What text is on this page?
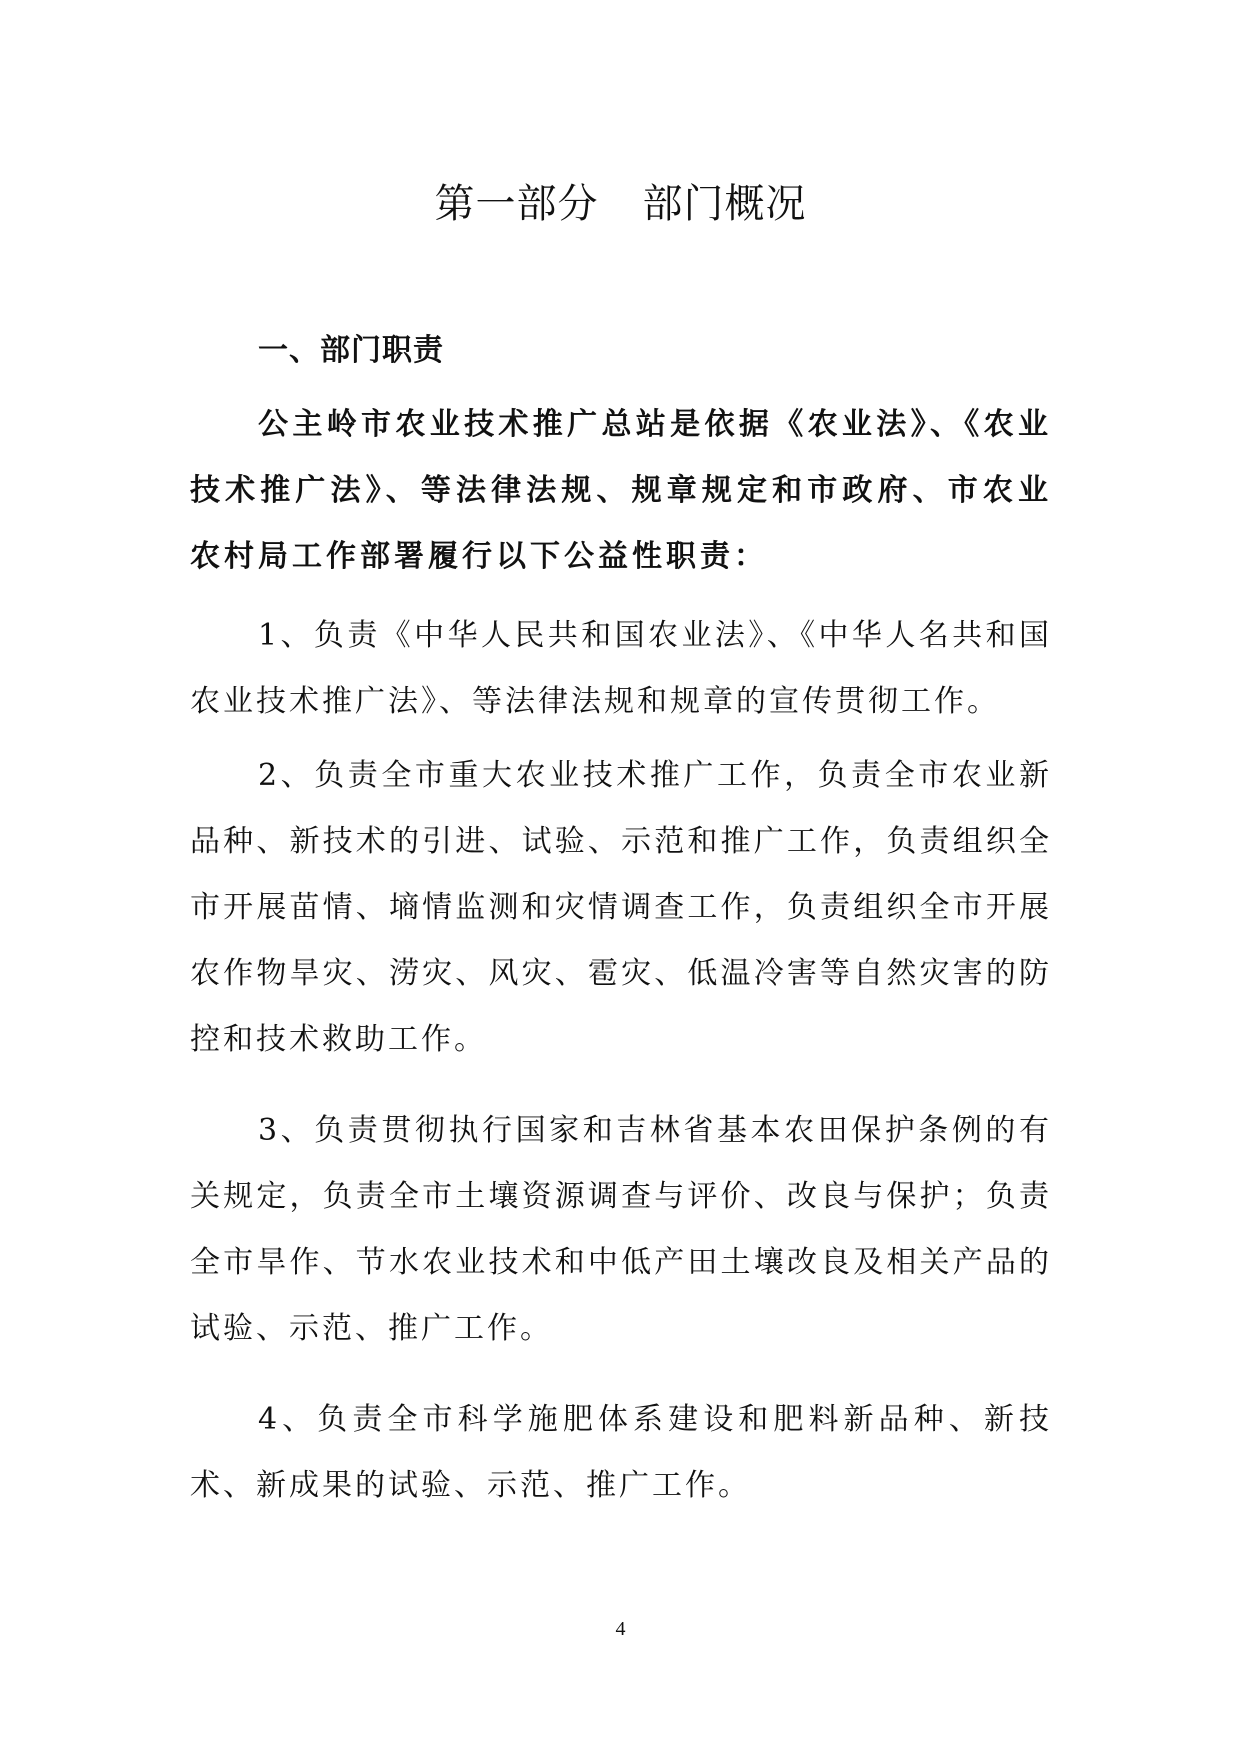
第一部分 部门概况
一、部门职责

公主岭市农业技术推广总站是依据《农业法》、《农业技术推广法》、等法律法规、规章规定和市政府、市农业农村局工作部署履行以下公益性职责：

1、负责《中华人民共和国农业法》、《中华人名共和国农业技术推广法》、等法律法规和规章的宣传贯彻工作。

2、负责全市重大农业技术推广工作，负责全市农业新品种、新技术的引进、试验、示范和推广工作，负责组织全市开展苗情、墒情监测和灾情调查工作，负责组织全市开展农作物旱灾、涝灾、风灾、雹灾、低温冷害等自然灾害的防控和技术救助工作。

3、负责贯彻执行国家和吉林省基本农田保护条例的有关规定，负责全市土壤资源调查与评价、改良与保护；负责全市旱作、节水农业技术和中低产田土壤改良及相关产品的试验、示范、推广工作。

4、负责全市科学施肥体系建设和肥料新品种、新技术、新成果的试验、示范、推广工作。

4
